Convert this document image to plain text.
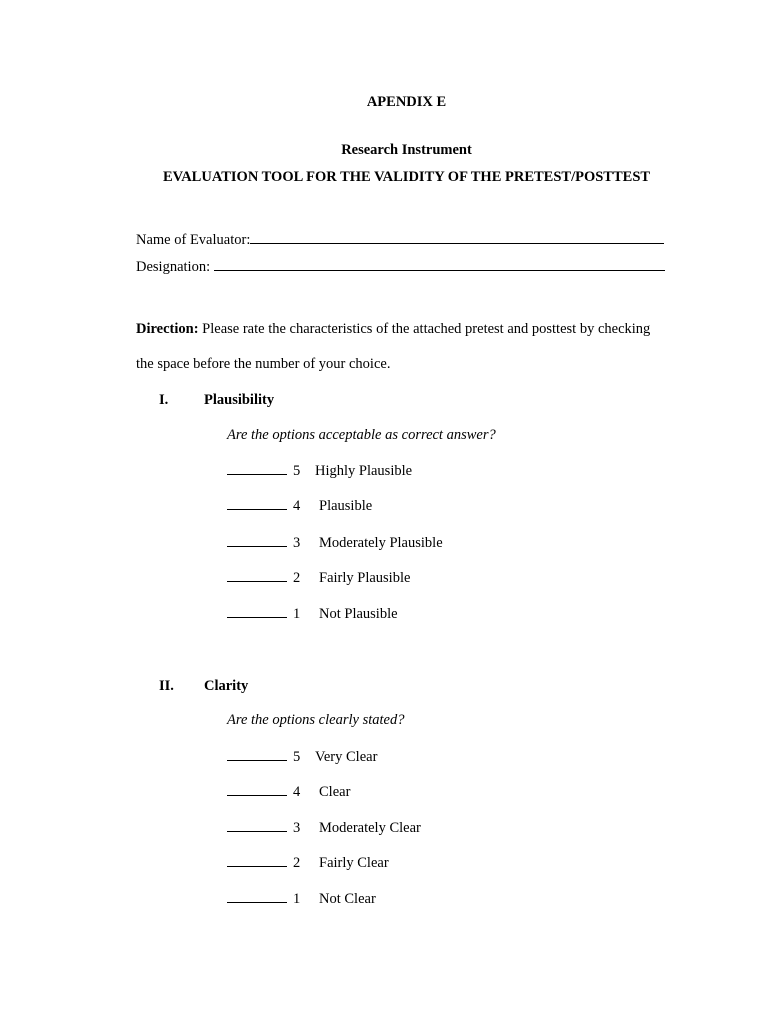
APENDIX E
Research Instrument
EVALUATION TOOL FOR THE VALIDITY OF THE PRETEST/POSTTEST
Name of Evaluator:
Designation:
Direction: Please rate the characteristics of the attached pretest and posttest by checking
the space before the number of your choice.
I. Plausibility
Are the options acceptable as correct answer?
5 Highly Plausible
4 Plausible
3 Moderately Plausible
2 Fairly Plausible
1 Not Plausible
II. Clarity
Are the options clearly stated?
5 Very Clear
4 Clear
3 Moderately Clear
2 Fairly Clear
1 Not Clear
